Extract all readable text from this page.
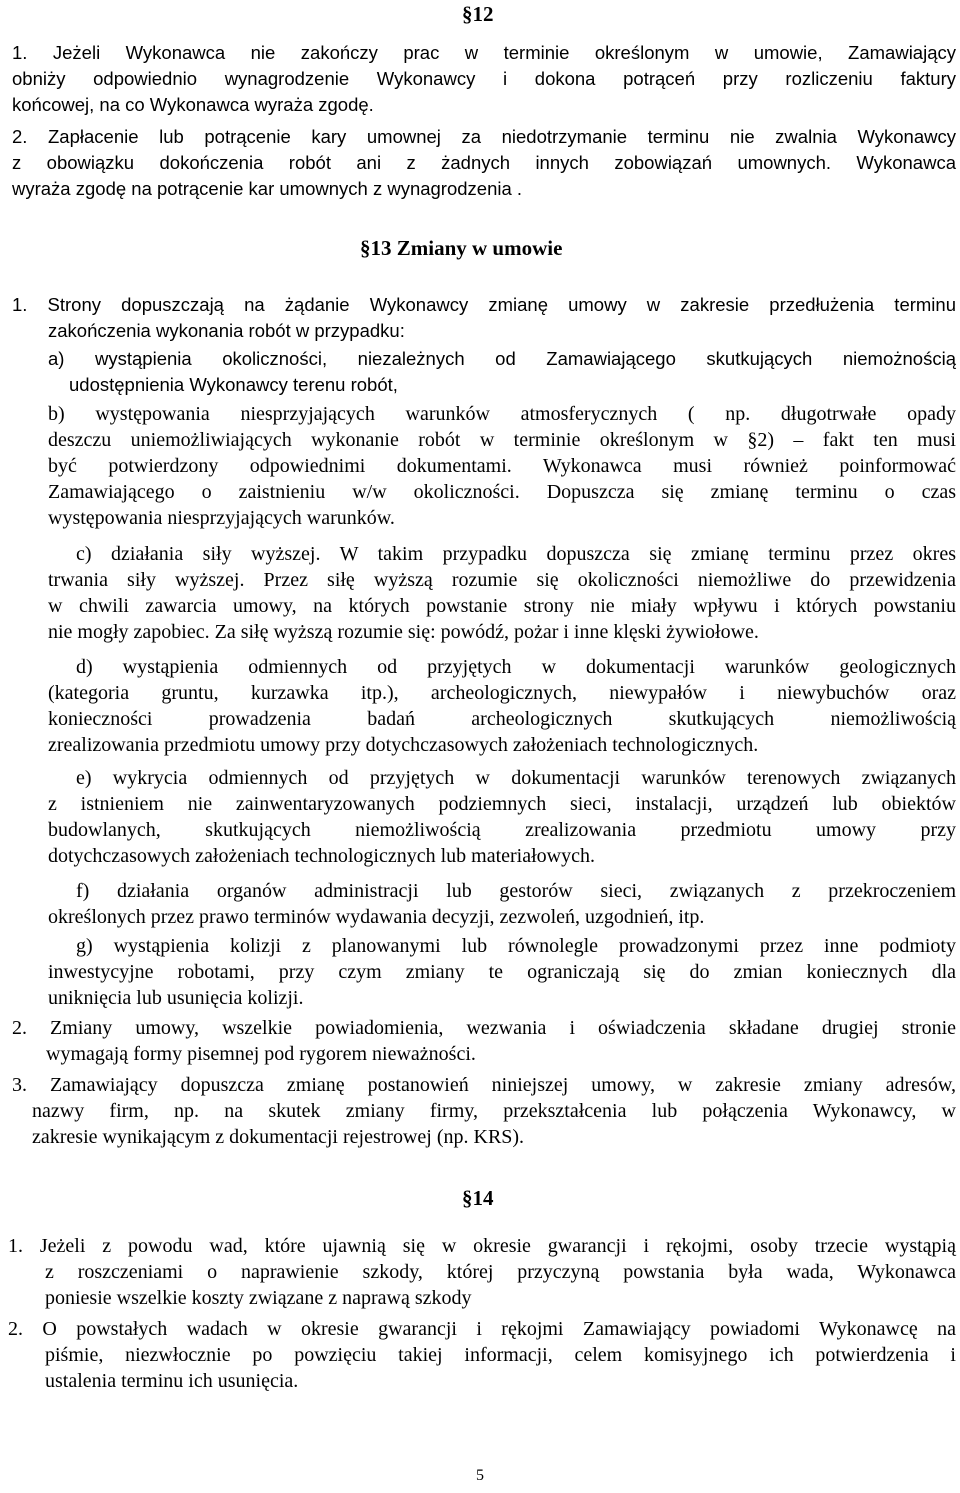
§12
1. Jeżeli Wykonawca nie zakończy prac w terminie określonym w umowie, Zamawiający
obniży odpowiednio wynagrodzenie Wykonawcy i dokona potrąceń przy rozliczeniu faktury
końcowej, na co Wykonawca wyraża zgodę.
2. Zapłacenie lub potrącenie kary umownej za niedotrzymanie terminu nie zwalnia Wykonawcy
z obowiązku dokończenia robót ani z żadnych innych zobowiązań umownych. Wykonawca
wyraża zgodę na potrącenie kar umownych z wynagrodzenia .
§13 Zmiany w umowie
1. Strony dopuszczają na żądanie Wykonawcy zmianę umowy w zakresie przedłużenia terminu
zakończenia wykonania robót w przypadku:
a) wystąpienia okoliczności, niezależnych od Zamawiającego skutkujących niemożnością
udostępnienia Wykonawcy terenu robót,
b) występowania niesprzyjających warunków atmosferycznych ( np. długotrwałe opady
deszczu uniemożliwiających wykonanie robót w terminie określonym w §2) – fakt ten musi
być potwierdzony odpowiednimi dokumentami. Wykonawca musi również poinformować
Zamawiającego o zaistnieniu w/w okoliczności. Dopuszcza się zmianę terminu o czas
występowania niesprzyjających warunków.
c) działania siły wyższej. W takim przypadku dopuszcza się zmianę terminu przez okres
trwania siły wyższej. Przez siłę wyższą rozumie się okoliczności niemożliwe do przewidzenia
w chwili zawarcia umowy, na których powstanie strony nie miały wpływu i których powstaniu
nie mogły zapobiec. Za siłę wyższą rozumie się: powódź, pożar i inne klęski żywiołowe.
d) wystąpienia odmiennych od przyjętych w dokumentacji warunków geologicznych
(kategoria gruntu, kurzawka itp.), archeologicznych, niewypałów i niewybuchów oraz
konieczności prowadzenia badań archeologicznych skutkujących niemożliwością
zrealizowania przedmiotu umowy przy dotychczasowych założeniach technologicznych.
e) wykrycia odmiennych od przyjętych w dokumentacji warunków terenowych związanych
z istnieniem nie zainwentaryzowanych podziemnych sieci, instalacji, urządzeń lub obiektów
budowlanych, skutkujących niemożliwością zrealizowania przedmiotu umowy przy
dotychczasowych założeniach technologicznych lub materiałowych.
f) działania organów administracji lub gestorów sieci, związanych z przekroczeniem
określonych przez prawo terminów wydawania decyzji, zezwoleń, uzgodnień, itp.
g) wystąpienia kolizji z planowanymi lub równolegle prowadzonymi przez inne podmioty
inwestycyjne robotami, przy czym zmiany te ograniczają się do zmian koniecznych dla
uniknięcia lub usunięcia kolizji.
2. Zmiany umowy, wszelkie powiadomienia, wezwania i oświadczenia składane drugiej stronie
wymagają formy pisemnej pod rygorem nieważności.
3. Zamawiający dopuszcza zmianę postanowień niniejszej umowy, w zakresie zmiany adresów,
nazwy firm, np. na skutek zmiany firmy, przekształcenia lub połączenia Wykonawcy, w
zakresie wynikającym z dokumentacji rejestrowej (np. KRS).
§14
1. Jeżeli z powodu wad, które ujawnią się w okresie gwarancji i rękojmi, osoby trzecie wystąpią
z roszczeniami o naprawienie szkody, której przyczyną powstania była wada, Wykonawca
poniesie wszelkie koszty związane z naprawą szkody
2. O powstałych wadach w okresie gwarancji i rękojmi Zamawiający powiadomi Wykonawcę na
piśmie, niezwłocznie po powzięciu takiej informacji, celem komisyjnego ich potwierdzenia i
ustalenia terminu ich usunięcia.
5
